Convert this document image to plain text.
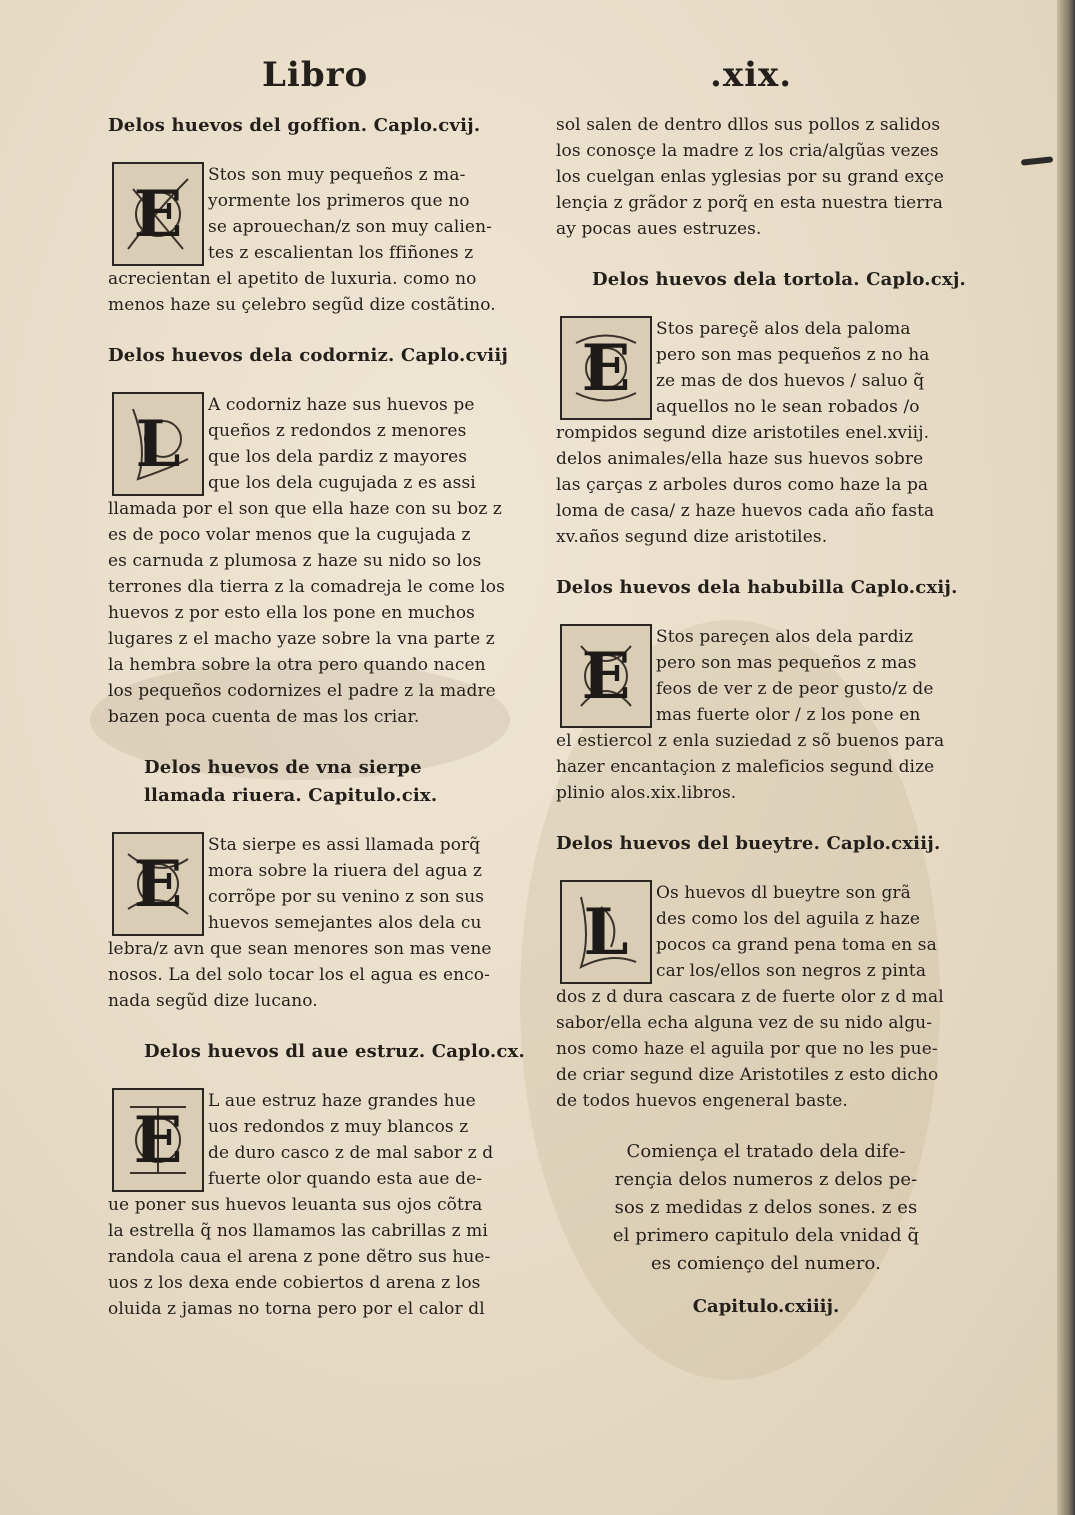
Libro	.xix.
Delos huevos del goffion. Caplo.cvij.
E
Stos son muy pequeños z ma-
yormente los primeros que no
se aprouechan/z son muy calien-
tes z escalientan los ffiñones z
acrecientan el apetito de luxuria. como no
menos haze su çelebro segũd dize costãtino.
Delos huevos dela codorniz. Caplo.cviij
L
A codorniz haze sus huevos pe
queños z redondos z menores
que los dela pardiz z mayores
que los dela cugujada z es assi
llamada por el son que ella haze con su boz z
es de poco volar menos que la cugujada z
es carnuda z plumosa z haze su nido so los
terrones dla tierra z la comadreja le come los
huevos z por esto ella los pone en muchos
lugares z el macho yaze sobre la vna parte z
la hembra sobre la otra pero quando nacen
los pequeños codornizes el padre z la madre
bazen poca cuenta de mas los criar.
Delos huevos de vna sierpe llamada riuera. Capitulo.cix.
E
Sta sierpe es assi llamada porq̃
mora sobre la riuera del agua z
corrõpe por su venino z son sus
huevos semejantes alos dela cu
lebra/z avn que sean menores son mas vene
nosos. La del solo tocar los el agua es enco-
nada segũd dize lucano.
Delos huevos dl aue estruz. Caplo.cx.
E
L aue estruz haze grandes hue
uos redondos z muy blancos z
de duro casco z de mal sabor z d
fuerte olor quando esta aue de-
ue poner sus huevos leuanta sus ojos cõtra
la estrella q̃ nos llamamos las cabrillas z mi
randola caua el arena z pone dẽtro sus hue-
uos z los dexa ende cobiertos d arena z los
oluida z jamas no torna pero por el calor dl
sol salen de dentro dllos sus pollos z salidos
los conosçe la madre z los cria/algũas vezes
los cuelgan enlas yglesias por su grand exçe
lençia z grãdor z porq̃ en esta nuestra tierra
ay pocas aues estruzes.
Delos huevos dela tortola. Caplo.cxj.
E
Stos pareçẽ alos dela paloma
pero son mas pequeños z no ha
ze mas de dos huevos / saluo q̃
aquellos no le sean robados /o
rompidos segund dize aristotiles enel.xviij.
delos animales/ella haze sus huevos sobre
las çarças z arboles duros como haze la pa
loma de casa/ z haze huevos cada año fasta
xv.años segund dize aristotiles.
Delos huevos dela habubilla Caplo.cxij.
E
Stos pareçen alos dela pardiz
pero son mas pequeños z mas
feos de ver z de peor gusto/z de
mas fuerte olor / z los pone en
el estiercol z enla suziedad z sõ buenos para
hazer encantaçion z maleficios segund dize
plinio alos.xix.libros.
Delos huevos del bueytre. Caplo.cxiij.
L
Os huevos dl bueytre son grã
des como los del aguila z haze
pocos ca grand pena toma en sa
car los/ellos son negros z pinta
dos z d dura cascara z de fuerte olor z d mal
sabor/ella echa alguna vez de su nido algu-
nos como haze el aguila por que no les pue-
de criar segund dize Aristotiles z esto dicho
de todos huevos engeneral baste.
Comiença el tratado dela dife-
rençia delos numeros z delos pe-
sos z medidas z delos sones. z es
el primero capitulo dela vnidad q̃
es comienço del numero.
Capitulo.cxiiij.
